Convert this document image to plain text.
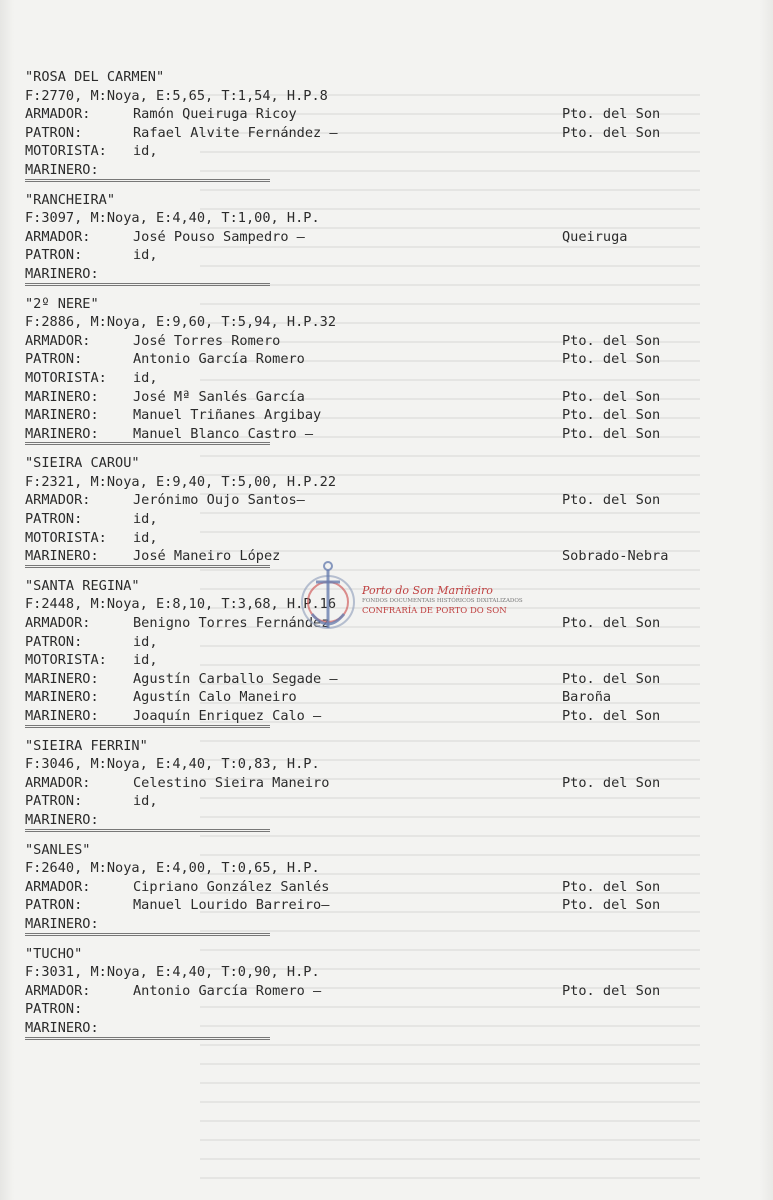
"ROSA DEL CARMEN"
F:2770, M:Noya, E:5,65, T:1,54, H.P.8
ARMADOR:	Ramón Queiruga Ricoy	Pto. del Son
PATRON:	Rafael Alvite Fernández —	Pto. del Son
MOTORISTA: id,
MARINERO:
"RANCHEIRA"
F:3097, M:Noya, E:4,40, T:1,00, H.P.
ARMADOR:	José Pouso Sampedro —	Queiruga
PATRON:	id,
MARINERO:
"2º NERE"
F:2886, M:Noya, E:9,60, T:5,94, H.P.32
ARMADOR:	José Torres Romero	Pto. del Son
PATRON:	Antonio García Romero	Pto. del Son
MOTORISTA: id,
MARINERO:	José Mª Sanlés García	Pto. del Son
MARINERO:	Manuel Triñanes Argibay	Pto. del Son
MARINERO:	Manuel Blanco Castro —	Pto. del Son
"SIEIRA CAROU"
F:2321, M:Noya, E:9,40, T:5,00, H.P.22
ARMADOR:	Jerónimo Oujo Santos—	Pto. del Son
PATRON:	id,
MOTORISTA: id,
MARINERO:	José Maneiro López	Sobrado-Nebra
"SANTA REGINA"
F:2448, M:Noya, E:8,10, T:3,68, H.P.16
ARMADOR:	Benigno Torres Fernández	Pto. del Son
PATRON:	id,
MOTORISTA: id,
MARINERO:	Agustín Carballo Segade —	Pto. del Son
MARINERO:	Agustín Calo Maneiro	Baroña
MARINERO:	Joaquín Enriquez Calo —	Pto. del Son
"SIEIRA FERRIN"
F:3046, M:Noya, E:4,40, T:0,83, H.P.
ARMADOR:	Celestino Sieira Maneiro	Pto. del Son
PATRON:	id,
MARINERO:
"SANLES"
F:2640, M:Noya, E:4,00, T:0,65, H.P.
ARMADOR:	Cipriano González Sanlés	Pto. del Son
PATRON:	Manuel Lourido Barreiro—	Pto. del Son
MARINERO:
"TUCHO"
F:3031, M:Noya, E:4,40, T:0,90, H.P.
ARMADOR:	Antonio García Romero —	Pto. del Son
PATRON:
MARINERO:
Porto do Son Mariñeiro
FONDOS DOCUMENTAIS HISTÓRICOS DIXITALIZADOS
CONFRARÍA DE PORTO DO SON
